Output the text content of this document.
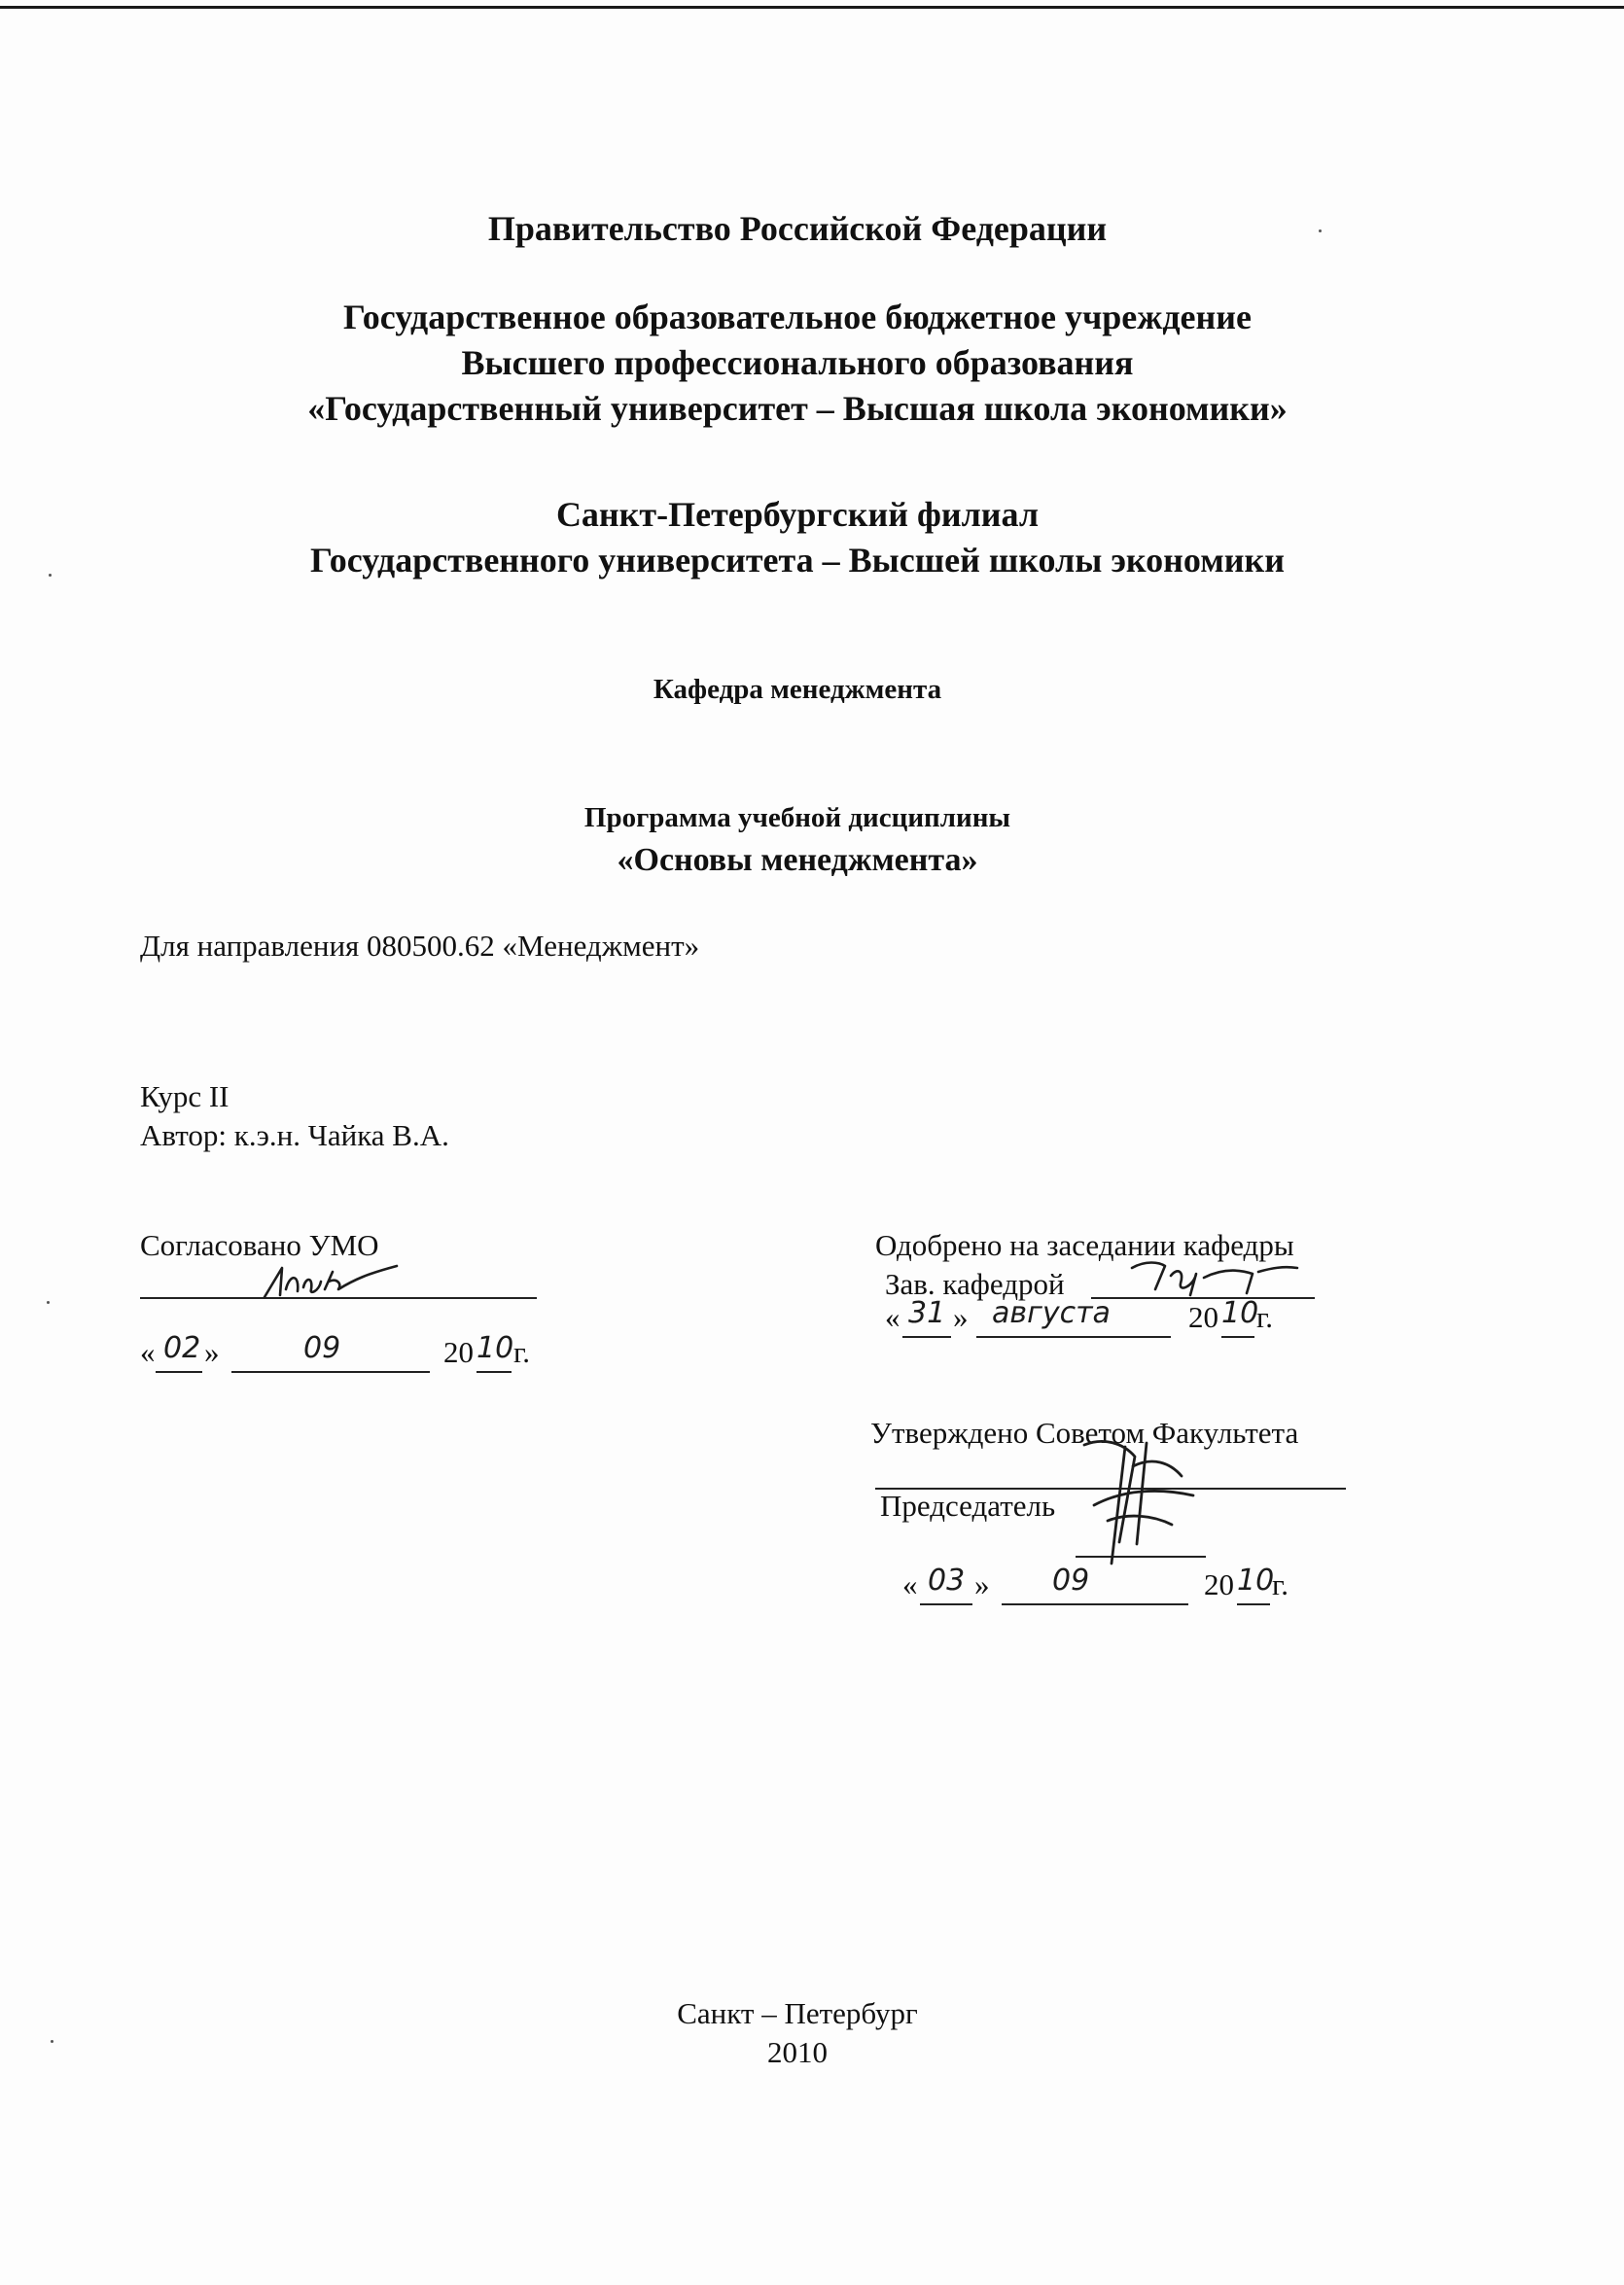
Правительство Российской Федерации
Государственное образовательное бюджетное учреждение
Высшего профессионального образования
«Государственный университет – Высшая школа экономики»
Санкт-Петербургский филиал
Государственного университета – Высшей школы экономики
Кафедра менеджмента
Программа учебной дисциплины
«Основы менеджмента»
Для направления 080500.62 «Менеджмент»
Курс II
Автор: к.э.н. Чайка В.А.
Согласовано УМО
« 02 »	09	20 10 г.
Одобрено на заседании кафедры
Зав. кафедрой
« 31 » августа	20 10
г.
Утверждено Советом Факультета
Председатель
« 03 » 09	20 10
г.
Санкт – Петербург
2010
